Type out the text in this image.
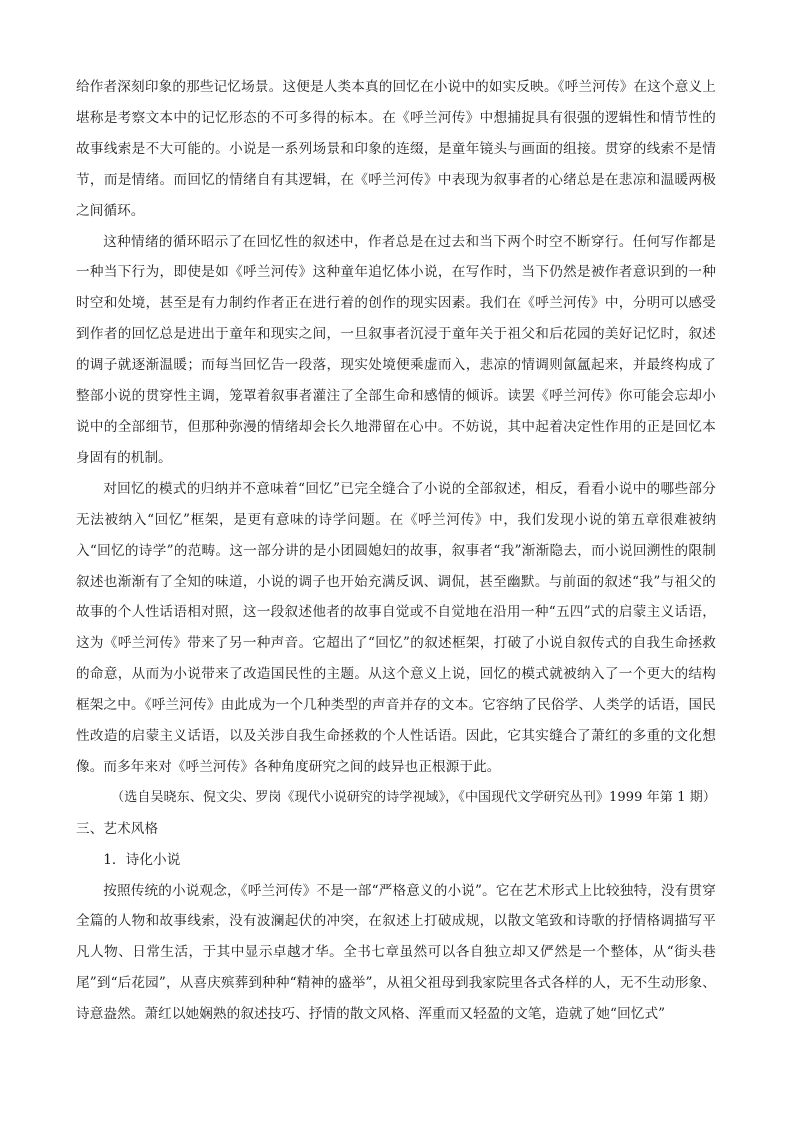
给作者深刻印象的那些记忆场景。这便是人类本真的回忆在小说中的如实反映。《呼兰河传》在这个意义上堪称是考察文本中的记忆形态的不可多得的标本。在《呼兰河传》中想捕捉具有很强的逻辑性和情节性的故事线索是不大可能的。小说是一系列场景和印象的连缀，是童年镜头与画面的组接。贯穿的线索不是情节，而是情绪。而回忆的情绪自有其逻辑，在《呼兰河传》中表现为叙事者的心绪总是在悲凉和温暖两极之间循环。

这种情绪的循环昭示了在回忆性的叙述中，作者总是在过去和当下两个时空不断穿行。任何写作都是一种当下行为，即使是如《呼兰河传》这种童年追忆体小说，在写作时，当下仍然是被作者意识到的一种时空和处境，甚至是有力制约作者正在进行着的创作的现实因素。我们在《呼兰河传》中，分明可以感受到作者的回忆总是进出于童年和现实之间，一旦叙事者沉浸于童年关于祖父和后花园的美好记忆时，叙述的调子就逐渐温暖；而每当回忆告一段落，现实处境便乘虚而入，悲凉的情调则氤氲起来，并最终构成了整部小说的贯穿性主调，笼罩着叙事者灌注了全部生命和感情的倾诉。读罢《呼兰河传》你可能会忘却小说中的全部细节，但那种弥漫的情绪却会长久地滞留在心中。不妨说，其中起着决定性作用的正是回忆本身固有的机制。

对回忆的模式的归纳并不意味着“回忆”已完全缝合了小说的全部叙述，相反，看看小说中的哪些部分无法被纳入“回忆”框架，是更有意味的诗学问题。在《呼兰河传》中，我们发现小说的第五章很难被纳入“回忆的诗学”的范畴。这一部分讲的是小团圆媳妇的故事，叙事者“我”渐渐隐去，而小说回溯性的限制叙述也渐渐有了全知的味道，小说的调子也开始充满反讽、调侃，甚至幽默。与前面的叙述“我”与祖父的故事的个人性话语相对照，这一段叙述他者的故事自觉或不自觉地在沿用一种“五四”式的启蒙主义话语，这为《呼兰河传》带来了另一种声音。它超出了“回忆”的叙述框架，打破了小说自叙传式的自我生命拯救的命意，从而为小说带来了改造国民性的主题。从这个意义上说，回忆的模式就被纳入了一个更大的结构框架之中。《呼兰河传》由此成为一个几种类型的声音并存的文本。它容纳了民俗学、人类学的话语，国民性改造的启蒙主义话语，以及关涉自我生命拯救的个人性话语。因此，它其实缝合了萧红的多重的文化想像。而多年来对《呼兰河传》各种角度研究之间的歧异也正根源于此。

（选自吴晓东、倪文尖、罗岗《现代小说研究的诗学视域》，《中国现代文学研究丛刊》1999 年第 1 期）

三、艺术风格

1．诗化小说

按照传统的小说观念，《呼兰河传》不是一部“严格意义的小说”。它在艺术形式上比较独特，没有贯穿全篇的人物和故事线索，没有波澜起伏的冲突，在叙述上打破成规，以散文笔致和诗歌的抒情格调描写平凡人物、日常生活，于其中显示卓越才华。全书七章虽然可以各自独立却又俨然是一个整体，从“街头巷尾”到“后花园”，从喜庆殡葬到种种“精神的盛举”，从祖父祖母到我家院里各式各样的人，无不生动形象、诗意盎然。萧红以她娴熟的叙述技巧、抒情的散文风格、浑重而又轻盈的文笔，造就了她“回忆式”
